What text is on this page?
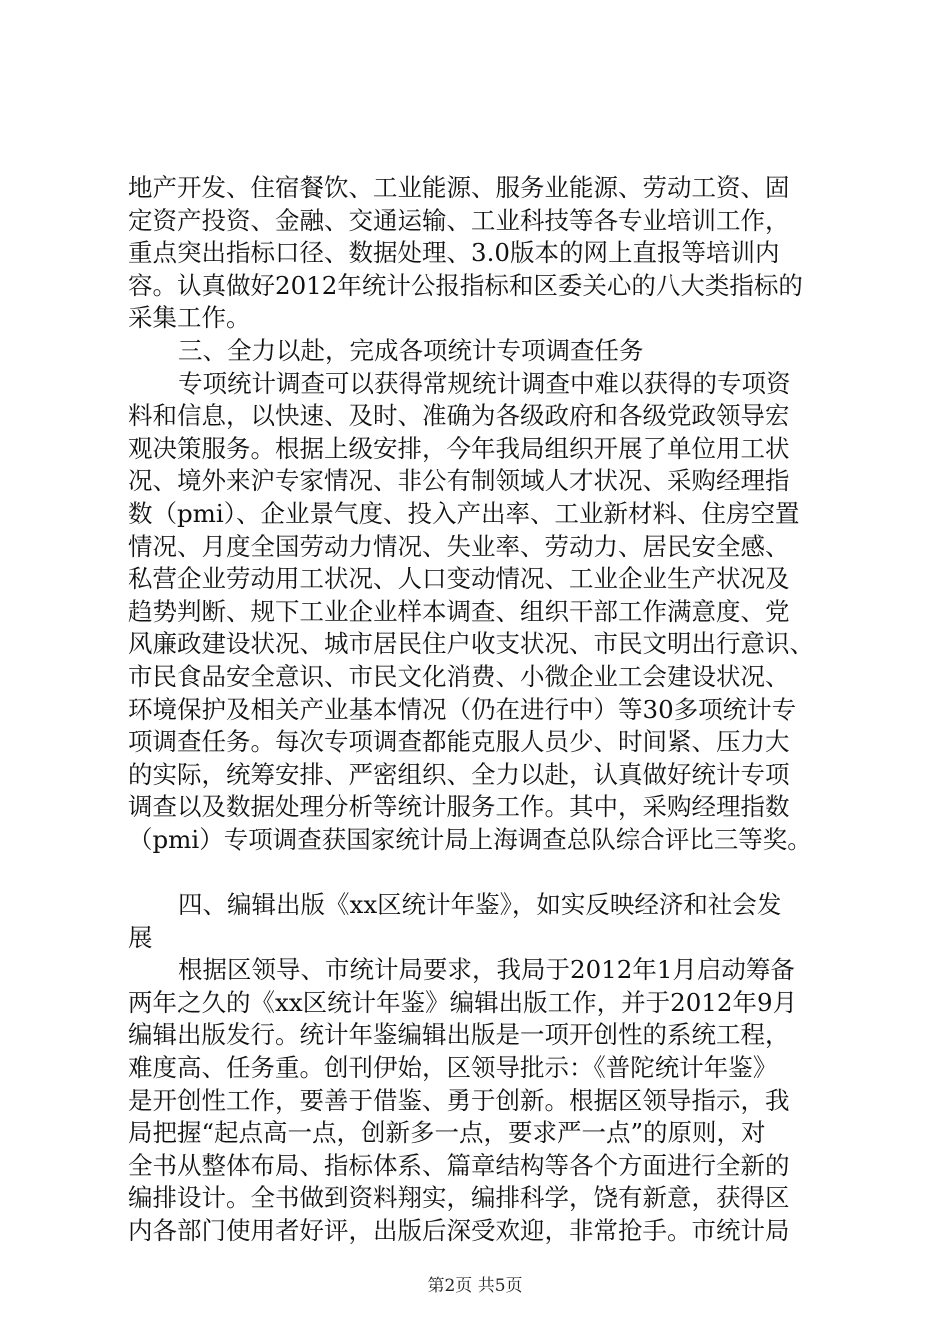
地产开发、住宿餐饮、工业能源、服务业能源、劳动工资、固
定资产投资、金融、交通运输、工业科技等各专业培训工作，
重点突出指标口径、数据处理、3.0版本的网上直报等培训内
容。认真做好2012年统计公报指标和区委关心的八大类指标的
采集工作。
三、全力以赴，完成各项统计专项调查任务
专项统计调查可以获得常规统计调查中难以获得的专项资
料和信息，以快速、及时、准确为各级政府和各级党政领导宏
观决策服务。根据上级安排，今年我局组织开展了单位用工状
况、境外来沪专家情况、非公有制领域人才状况、采购经理指
数（pmi）、企业景气度、投入产出率、工业新材料、住房空置
情况、月度全国劳动力情况、失业率、劳动力、居民安全感、
私营企业劳动用工状况、人口变动情况、工业企业生产状况及
趋势判断、规下工业企业样本调查、组织干部工作满意度、党
风廉政建设状况、城市居民住户收支状况、市民文明出行意识、
市民食品安全意识、市民文化消费、小微企业工会建设状况、
环境保护及相关产业基本情况（仍在进行中）等30多项统计专
项调查任务。每次专项调查都能克服人员少、时间紧、压力大
的实际，统筹安排、严密组织、全力以赴，认真做好统计专项
调查以及数据处理分析等统计服务工作。其中，采购经理指数
（pmi）专项调查获国家统计局上海调查总队综合评比三等奖。
四、编辑出版《xx区统计年鉴》，如实反映经济和社会发
展
根据区领导、市统计局要求，我局于2012年1月启动筹备
两年之久的《xx区统计年鉴》编辑出版工作，并于2012年9月
编辑出版发行。统计年鉴编辑出版是一项开创性的系统工程，
难度高、任务重。创刊伊始，区领导批示：《普陀统计年鉴》
是开创性工作，要善于借鉴、勇于创新。根据区领导指示，我
局把握“起点高一点，创新多一点，要求严一点”的原则，对
全书从整体布局、指标体系、篇章结构等各个方面进行全新的
编排设计。全书做到资料翔实，编排科学，饶有新意，获得区
内各部门使用者好评，出版后深受欢迎，非常抢手。市统计局
第2页 共5页
